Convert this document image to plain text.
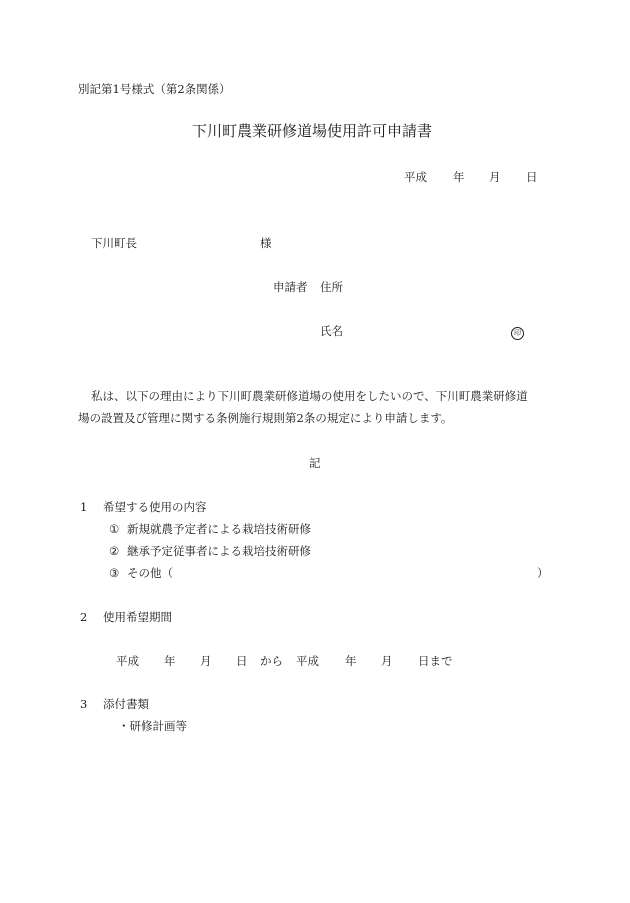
別記第1号様式（第2条関係）
下川町農業研修道場使用許可申請書
平成 年 月 日
下川町長	様
申請者 住所
氏名	印
私は、以下の理由により下川町農業研修道場の使用をしたいので、下川町農業研修道
場の設置及び管理に関する条例施行規則第2条の規定により申請します。
記
1 希望する使用の内容
① 新規就農予定者による栽培技術研修
② 継承予定従事者による栽培技術研修
③ その他（	）
2 使用希望期間
平成 年 月 日 から 平成 年 月 日まで
3 添付書類
・研修計画等
